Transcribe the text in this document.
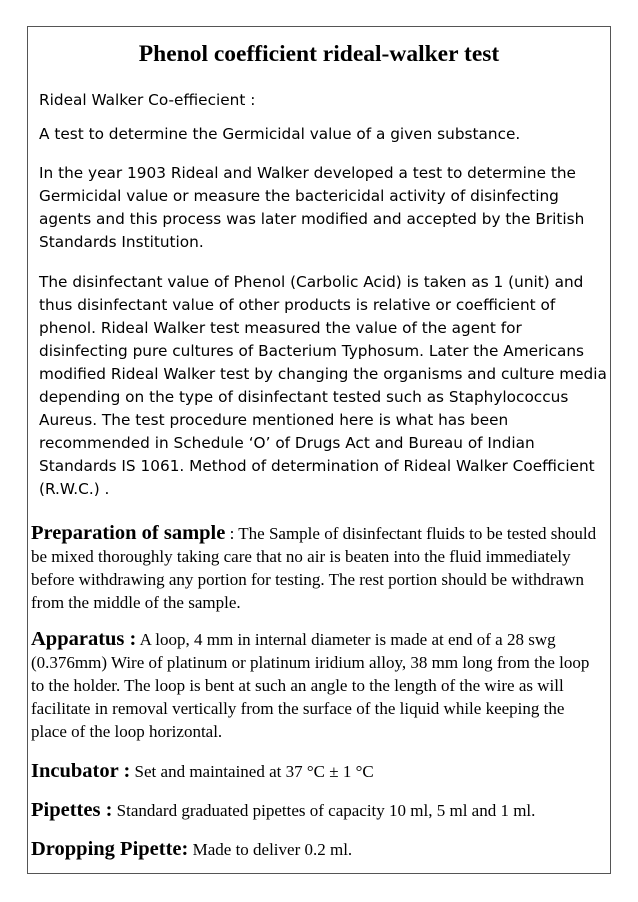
Phenol coefficient rideal-walker test

Rideal Walker Co-effiecient :

A test to determine the Germicidal value of a given substance.

In the year 1903 Rideal and Walker developed a test to determine the Germicidal value or measure the bactericidal activity of disinfecting agents and this process was later modified and accepted by the British Standards Institution.

The disinfectant value of Phenol (Carbolic Acid) is taken as 1 (unit) and thus disinfectant value of other products is relative or coefficient of phenol. Rideal Walker test measured the value of the agent for disinfecting pure cultures of Bacterium Typhosum. Later the Americans modified Rideal Walker test by changing the organisms and culture media depending on the type of disinfectant tested such as Staphylococcus Aureus. The test procedure mentioned here is what has been recommended in Schedule ‘O’ of Drugs Act and Bureau of Indian Standards IS 1061. Method of determination of Rideal Walker Coefficient (R.W.C.) .

Preparation of sample : The Sample of disinfectant fluids to be tested should be mixed thoroughly taking care that no air is beaten into the fluid immediately before withdrawing any portion for testing. The rest portion should be withdrawn from the middle of the sample.

Apparatus : A loop, 4 mm in internal diameter is made at end of a 28 swg (0.376mm) Wire of platinum or platinum iridium alloy, 38 mm long from the loop to the holder. The loop is bent at such an angle to the length of the wire as will facilitate in removal vertically from the surface of the liquid while keeping the place of the loop horizontal.

Incubator : Set and maintained at 37 °C ± 1 °C

Pipettes : Standard graduated pipettes of capacity 10 ml, 5 ml and 1 ml.

Dropping Pipette: Made to deliver 0.2 ml.
